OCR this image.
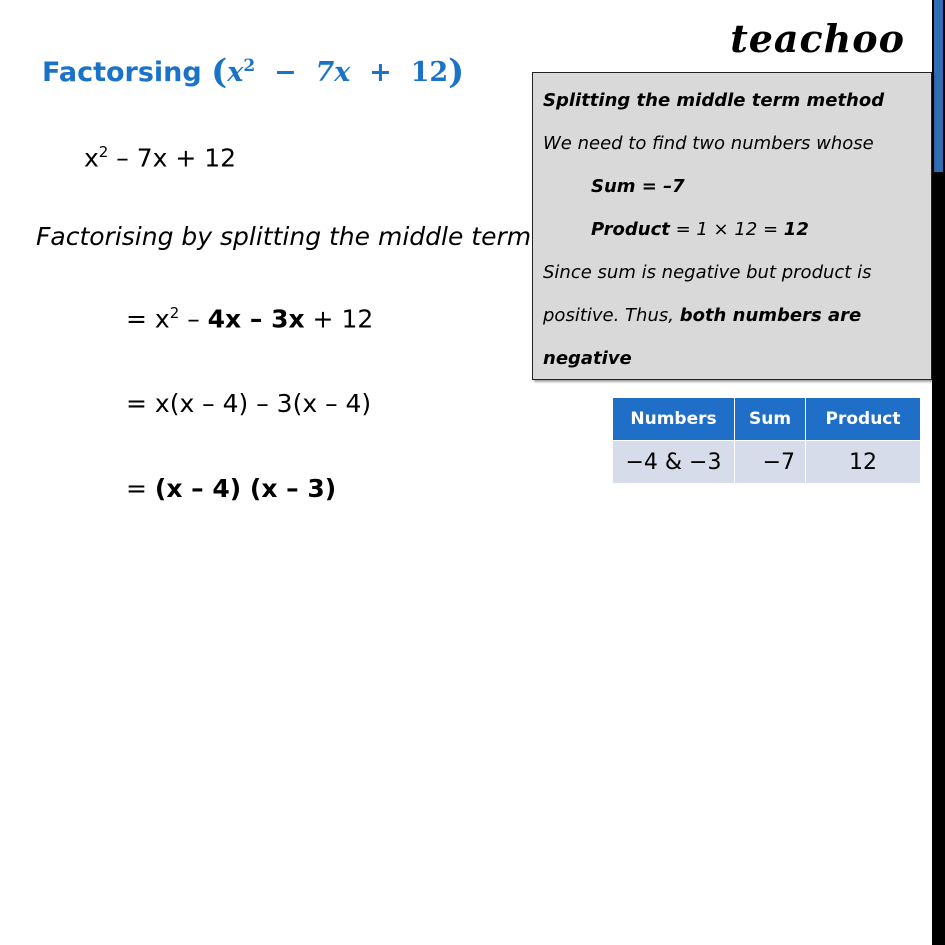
Factorsing $(x^2 - 7x + 12)$
teachoo
$x^2 - 7x + 12$
Factorising by splitting the middle term
= $x^2 - 4x - 3x + 12$
= x(x – 4) – 3(x – 4)
= (x – 4) (x – 3)
Splitting the middle term method
We need to find two numbers whose
Sum = –7
Product = 1 × 12 = 12
Since sum is negative but product is
positive. Thus, both numbers are
negative
Numbers	Sum	Product
−4 & −3	−7	12
